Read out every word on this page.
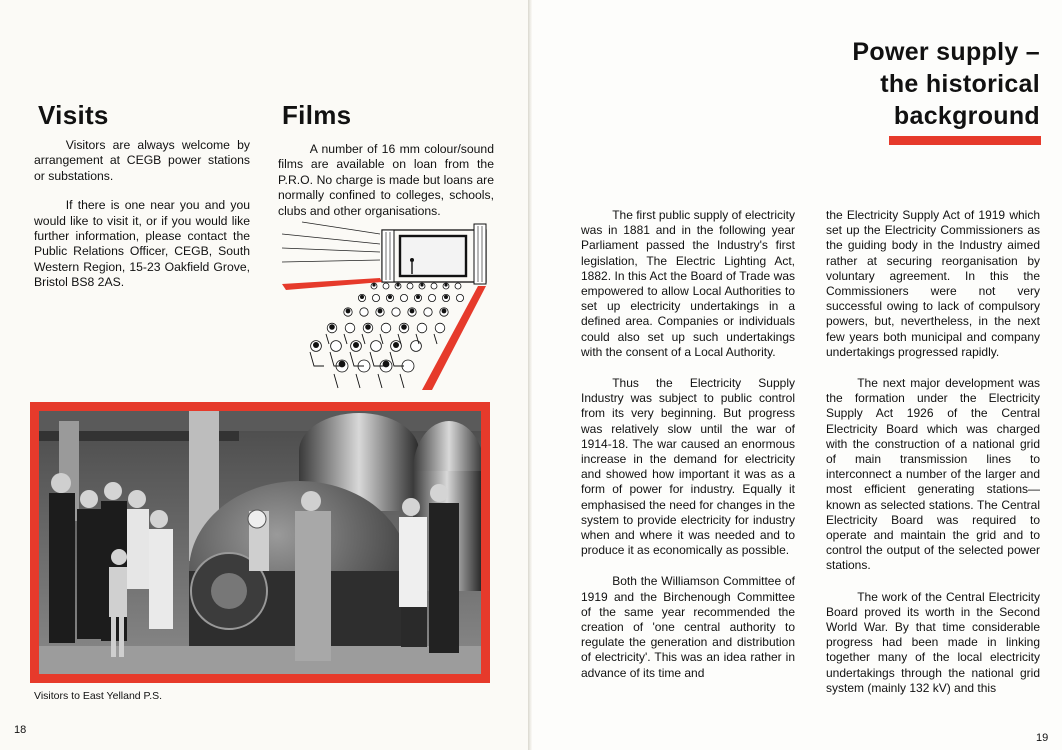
Visits	Films

Visitors are always welcome by arrangement at CEGB power stations or substations.

If there is one near you and you would like to visit it, or if you would like further information, please contact the Public Relations Officer, CEGB, South Western Region, 15-23 Oakfield Grove, Bristol BS8 2AS.

A number of 16 mm colour/sound films are available on loan from the P.R.O. No charge is made but loans are normally confined to colleges, schools, clubs and other organisations.

Visitors to East Yelland P.S.
18
Power supply –
the historical
background

The first public supply of electricity was in 1881 and in the following year Parliament passed the Industry's first legislation, The Electric Lighting Act, 1882. In this Act the Board of Trade was empowered to allow Local Authorities to set up electricity undertakings in a defined area. Companies or individuals could also set up such undertakings with the consent of a Local Authority.

Thus the Electricity Supply Industry was subject to public control from its very beginning. But progress was relatively slow until the war of 1914-18. The war caused an enormous increase in the demand for electricity and showed how important it was as a form of power for industry. Equally it emphasised the need for changes in the system to provide electricity for industry when and where it was needed and to produce it as economically as possible.

Both the Williamson Committee of 1919 and the Birchenough Committee of the same year recommended the creation of 'one central authority to regulate the generation and distribution of electricity'. This was an idea rather in advance of its time and

the Electricity Supply Act of 1919 which set up the Electricity Commissioners as the guiding body in the Industry aimed rather at securing reorganisation by voluntary agreement. In this the Commissioners were not very successful owing to lack of compulsory powers, but, nevertheless, in the next few years both municipal and company undertakings progressed rapidly.

The next major development was the formation under the Electricity Supply Act 1926 of the Central Electricity Board which was charged with the construction of a national grid of main transmission lines to interconnect a number of the larger and most efficient generating stations—known as selected stations. The Central Electricity Board was required to operate and maintain the grid and to control the output of the selected power stations.

The work of the Central Electricity Board proved its worth in the Second World War. By that time considerable progress had been made in linking together many of the local electricity undertakings through the national grid system (mainly 132 kV) and this

19
